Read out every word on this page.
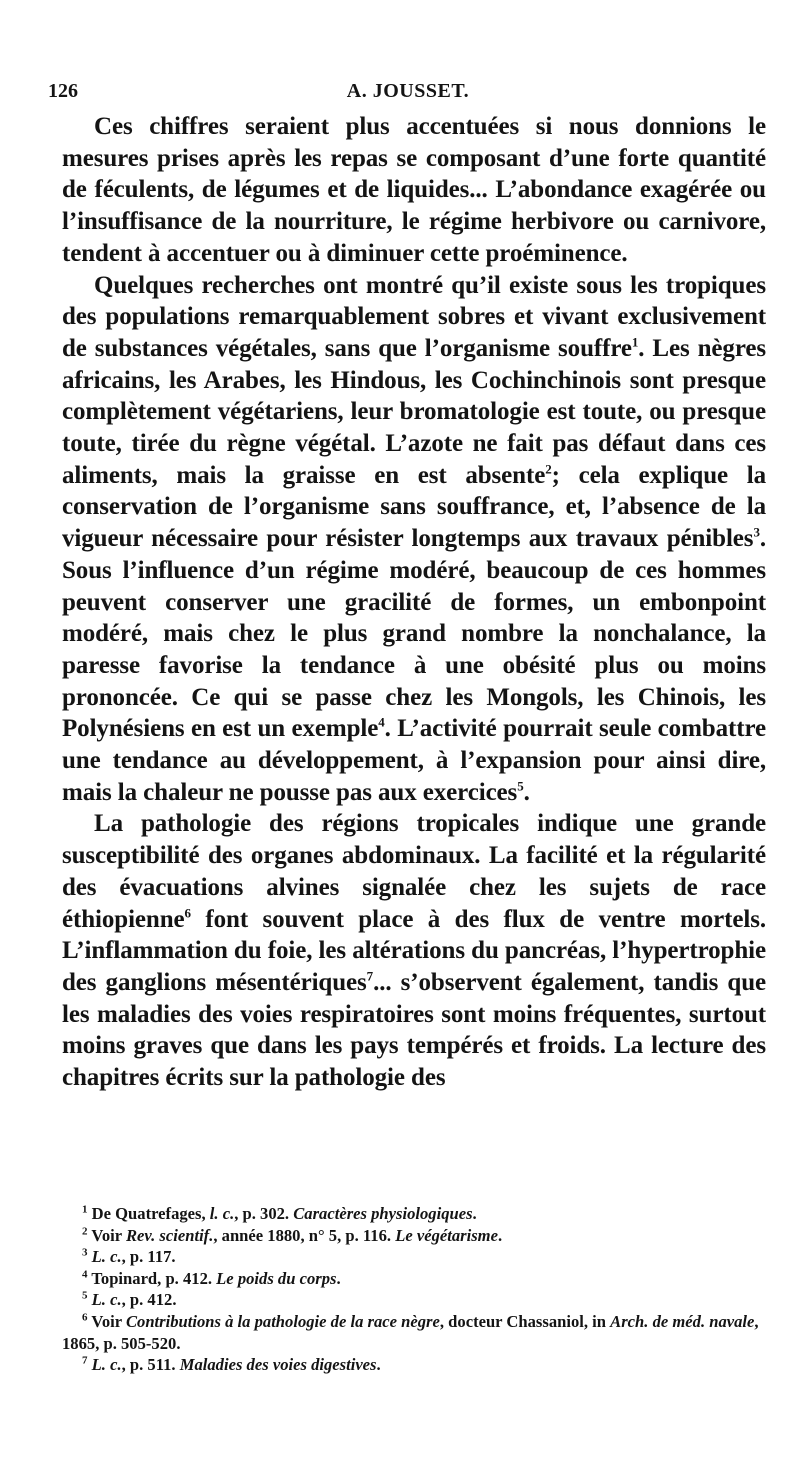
126	A. JOUSSET.

Ces chiffres seraient plus accentuées si nous donnions le mesures prises après les repas se composant d’une forte quantité de féculents, de légumes et de liquides... L’abondance exagérée ou l’insuffisance de la nourriture, le régime herbivore ou carnivore, tendent à accentuer ou à diminuer cette proéminence.

Quelques recherches ont montré qu’il existe sous les tropiques des populations remarquablement sobres et vivant exclusivement de substances végétales, sans que l’organisme souffre$^1$. Les nègres africains, les Arabes, les Hindous, les Cochinchinois sont presque complètement végétariens, leur bromatologie est toute, ou presque toute, tirée du règne végétal. L’azote ne fait pas défaut dans ces aliments, mais la graisse en est absente$^2$; cela explique la conservation de l’organisme sans souffrance, et, l’absence de la vigueur nécessaire pour résister longtemps aux travaux pénibles$^3$. Sous l’influence d’un régime modéré, beaucoup de ces hommes peuvent conserver une gracilité de formes, un embonpoint modéré, mais chez le plus grand nombre la nonchalance, la paresse favorise la tendance à une obésité plus ou moins prononcée. Ce qui se passe chez les Mongols, les Chinois, les Polynésiens en est un exemple$^4$. L’activité pourrait seule combattre une tendance au développement, à l’expansion pour ainsi dire, mais la chaleur ne pousse pas aux exercices$^5$.

La pathologie des régions tropicales indique une grande susceptibilité des organes abdominaux. La facilité et la régularité des évacuations alvines signalée chez les sujets de race éthiopienne$^6$ font souvent place à des flux de ventre mortels. L’inflammation du foie, les altérations du pancréas, l’hypertrophie des ganglions mésentériques$^7$... s’observent également, tandis que les maladies des voies respiratoires sont moins fréquentes, surtout moins graves que dans les pays tempérés et froids. La lecture des chapitres écrits sur la pathologie des

$^1$ De Quatrefages, l. c., p. 302. Caractères physiologiques.
$^2$ Voir Rev. scientif., année 1880, n° 5, p. 116. Le végétarisme.
$^3$ L. c., p. 117.
$^4$ Topinard, p. 412. Le poids du corps.
$^5$ L. c., p. 412.
$^6$ Voir Contributions à la pathologie de la race nègre, docteur Chassaniol, in Arch. de méd. navale, 1865, p. 505-520.
$^7$ L. c., p. 511. Maladies des voies digestives.
